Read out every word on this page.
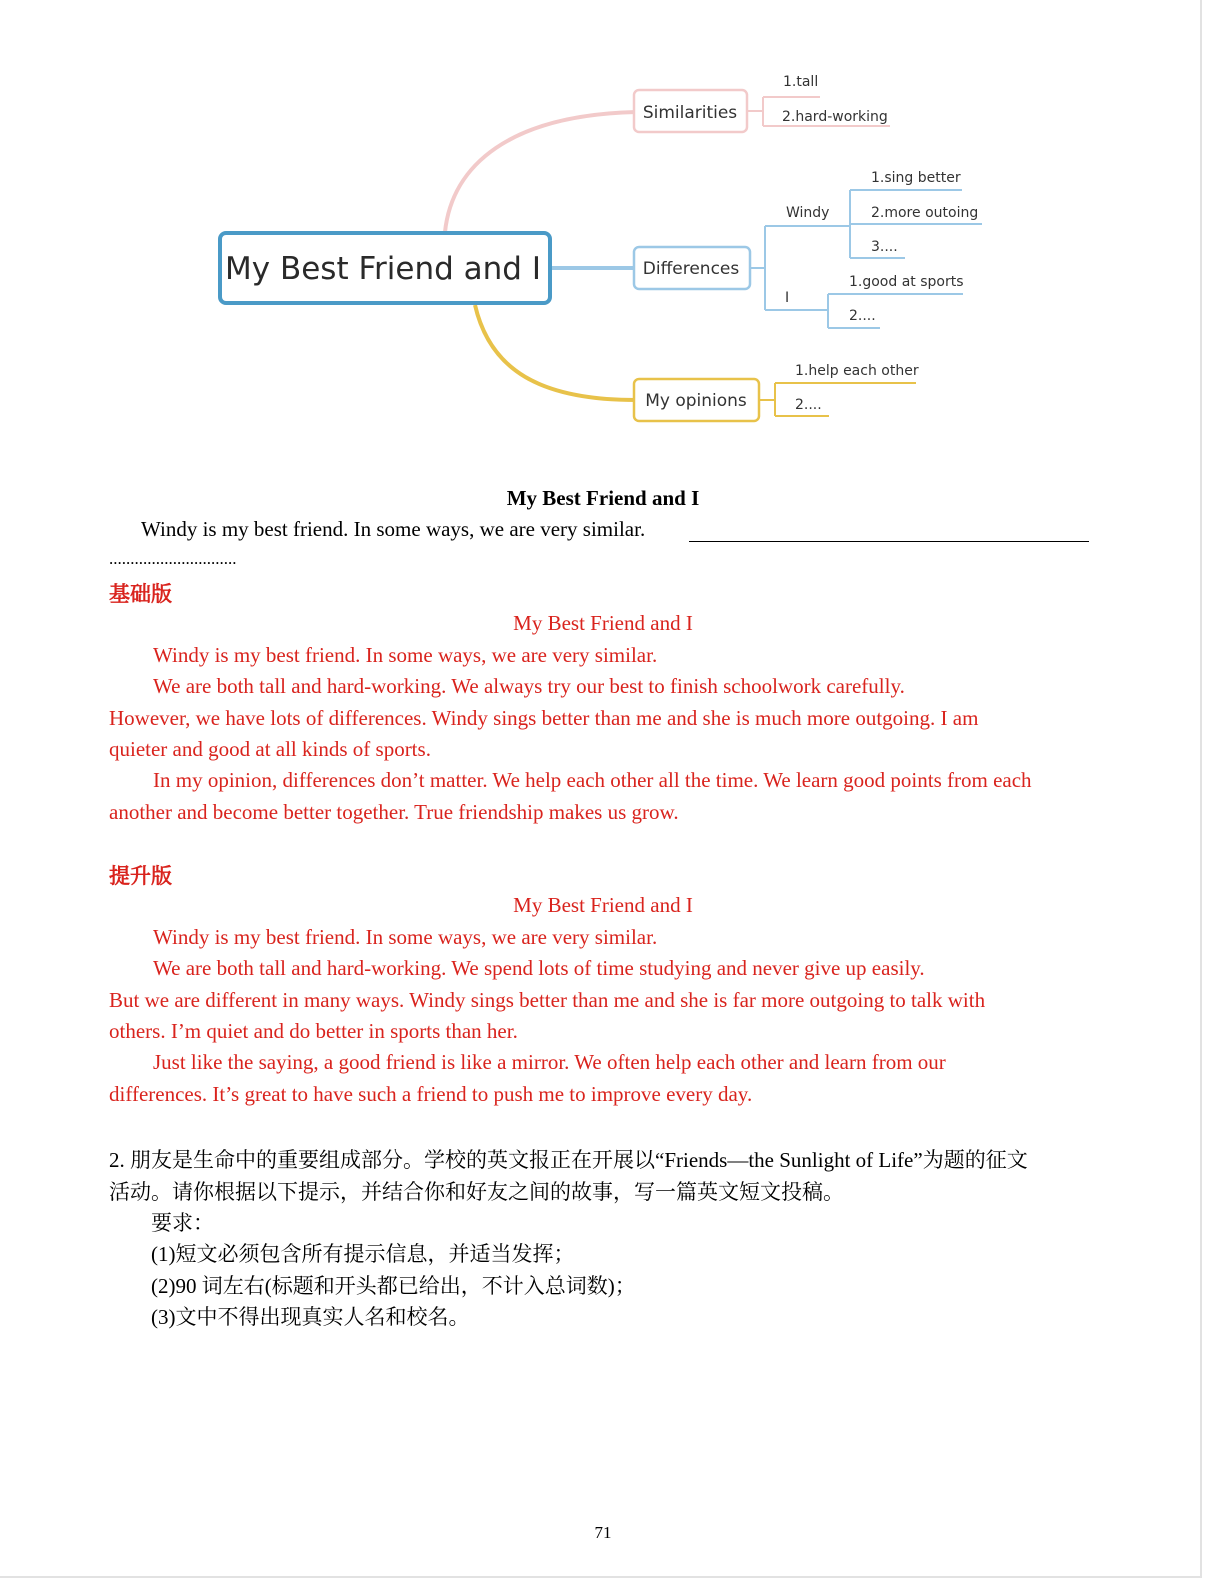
My Best Friend and I
Similarities
1.tall
2.hard-working
Differences
Windy
1.sing better
2.more outoing
3....
I
1.good at sports
2....
My opinions
1.help each other
2....
My Best Friend and I
Windy is my best friend. In some ways, we are very similar.
..............................
基础版
My Best Friend and I
Windy is my best friend. In some ways, we are very similar.
We are both tall and hard-working. We always try our best to finish schoolwork carefully.
However, we have lots of differences. Windy sings better than me and she is much more outgoing. I am
quieter and good at all kinds of sports.
In my opinion, differences don’t matter. We help each other all the time. We learn good points from each
another and become better together. True friendship makes us grow.
提升版
My Best Friend and I
Windy is my best friend. In some ways, we are very similar.
We are both tall and hard-working. We spend lots of time studying and never give up easily.
But we are different in many ways. Windy sings better than me and she is far more outgoing to talk with
others. I’m quiet and do better in sports than her.
Just like the saying, a good friend is like a mirror. We often help each other and learn from our
differences. It’s great to have such a friend to push me to improve every day.
2. 朋友是生命中的重要组成部分。学校的英文报正在开展以“Friends—the Sunlight of Life”为题的征文
活动。请你根据以下提示，并结合你和好友之间的故事，写一篇英文短文投稿。
要求：
(1)短文必须包含所有提示信息，并适当发挥；
(2)90 词左右(标题和开头都已给出，不计入总词数)；
(3)文中不得出现真实人名和校名。
71
